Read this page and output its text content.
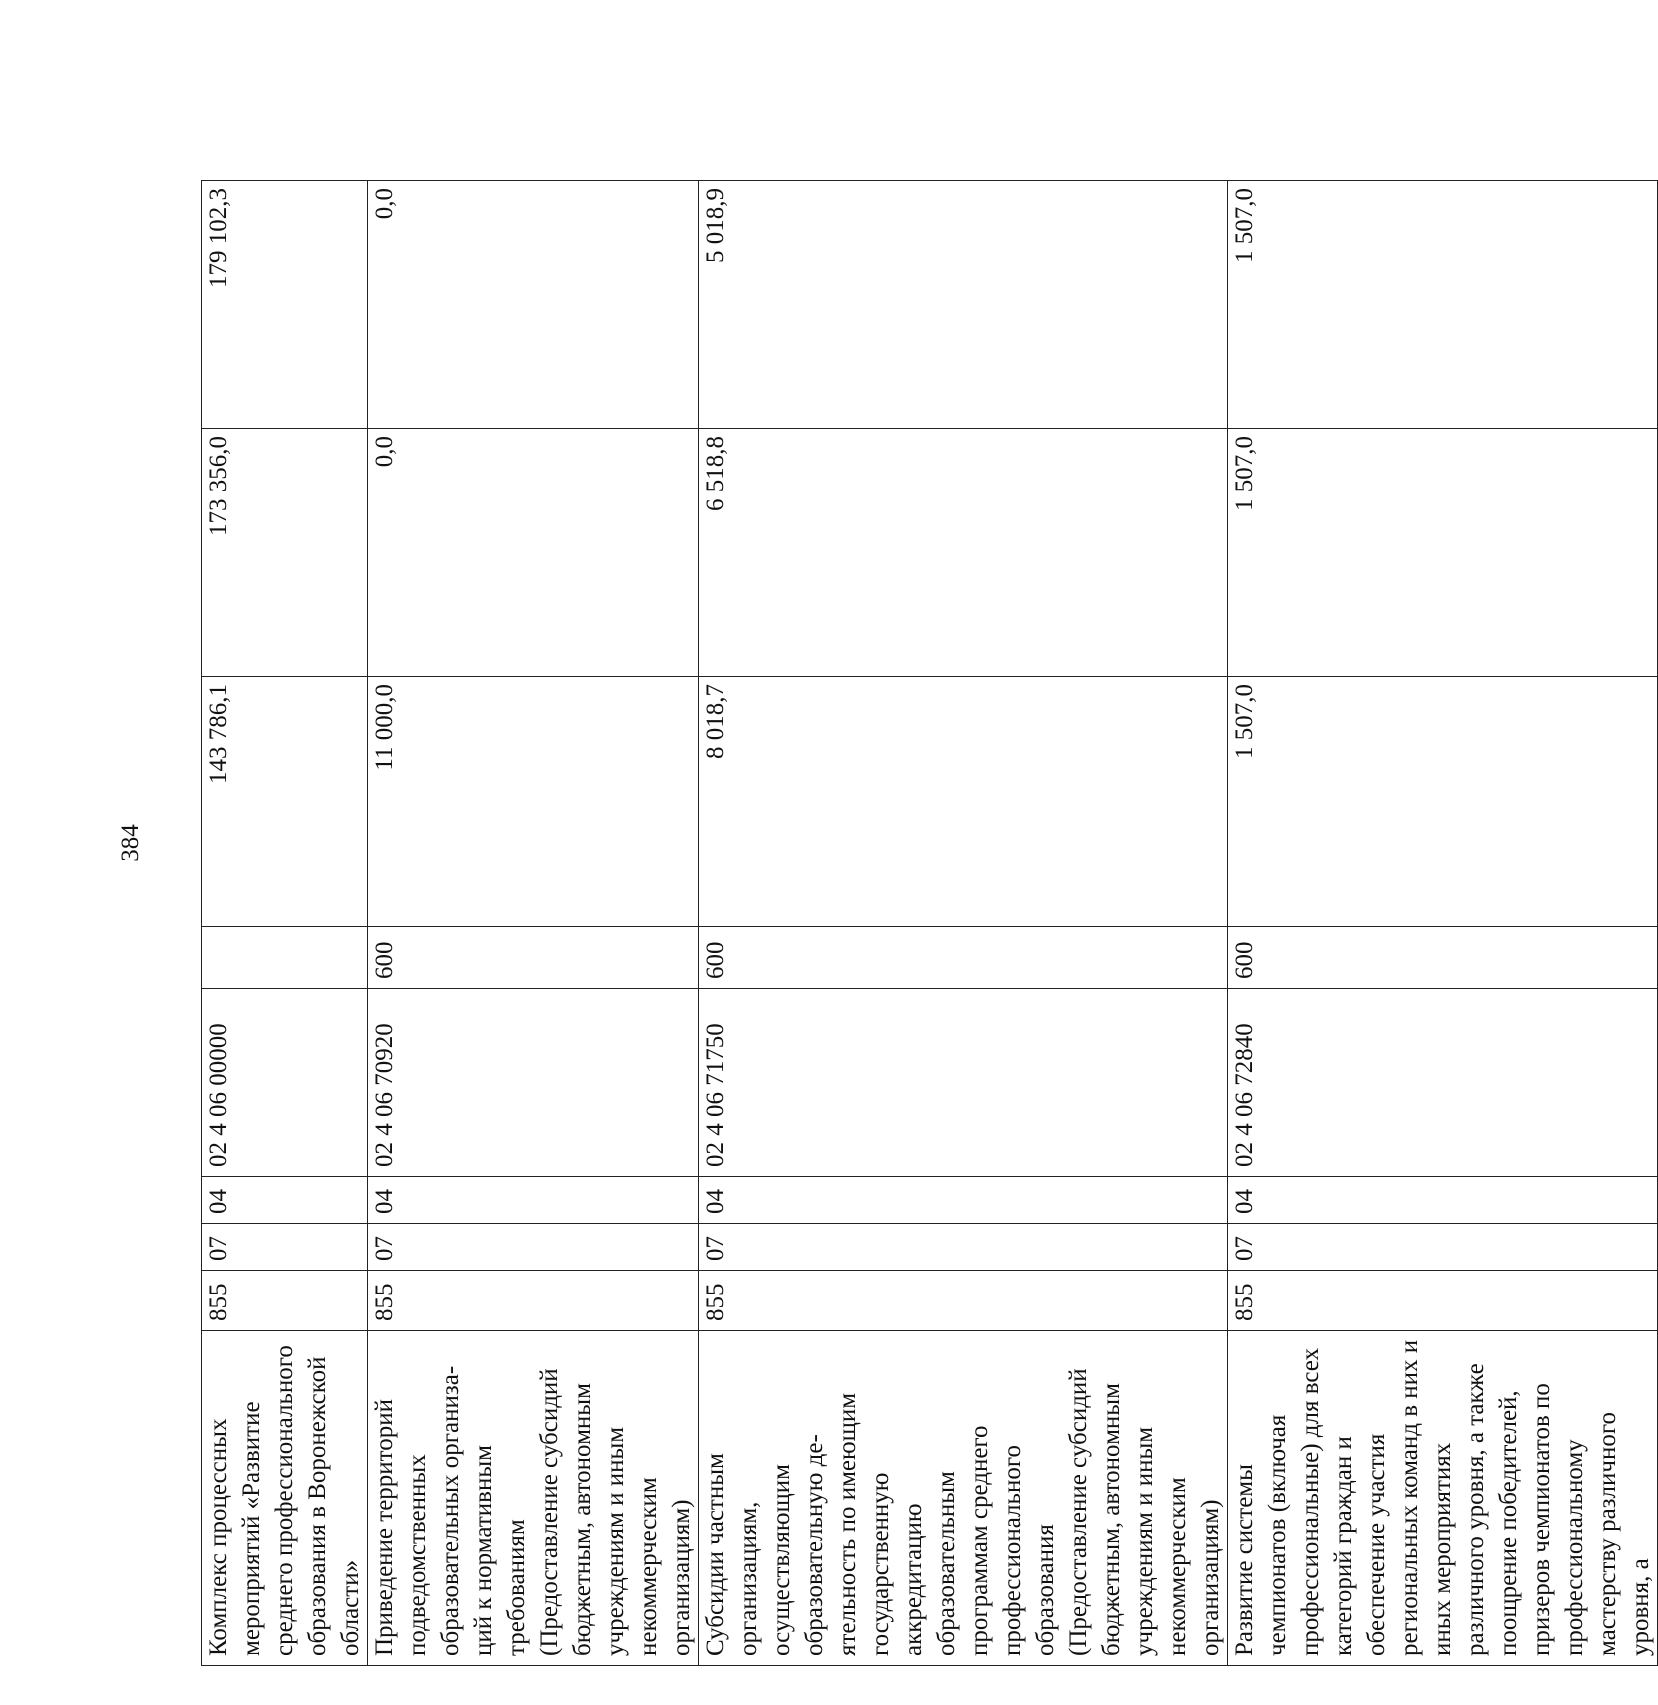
384
Комплекс процессных мероприятий «Развитие среднего профессионального образования в Воронежской области»	855	07	04	02 4 06 00000		143 786,1	173 356,0	179 102,3
Приведение территорий подведомственных образовательных организаций к нормативным требованиям (Предоставление субсидий бюджетным, автономным учреждениям и иным некоммерческим организациям)	855	07	04	02 4 06 70920	600	11 000,0	0,0	0,0
Субсидии частным организациям, осуществляющим образовательную деятельность по имеющим государственную аккредитацию образовательным программам среднего профессионального образования (Предоставление субсидий бюджетным, автономным учреждениям и иным некоммерческим организациям)	855	07	04	02 4 06 71750	600	8 018,7	6 518,8	5 018,9
Развитие системы чемпионатов (включая профессиональные) для всех категорий граждан и обеспечение участия региональных команд в них и иных мероприятиях различного уровня, а также поощрение победителей, призеров чемпионатов по профессиональному мастерству различного уровня, а	855	07	04	02 4 06 72840	600	1 507,0	1 507,0	1 507,0
